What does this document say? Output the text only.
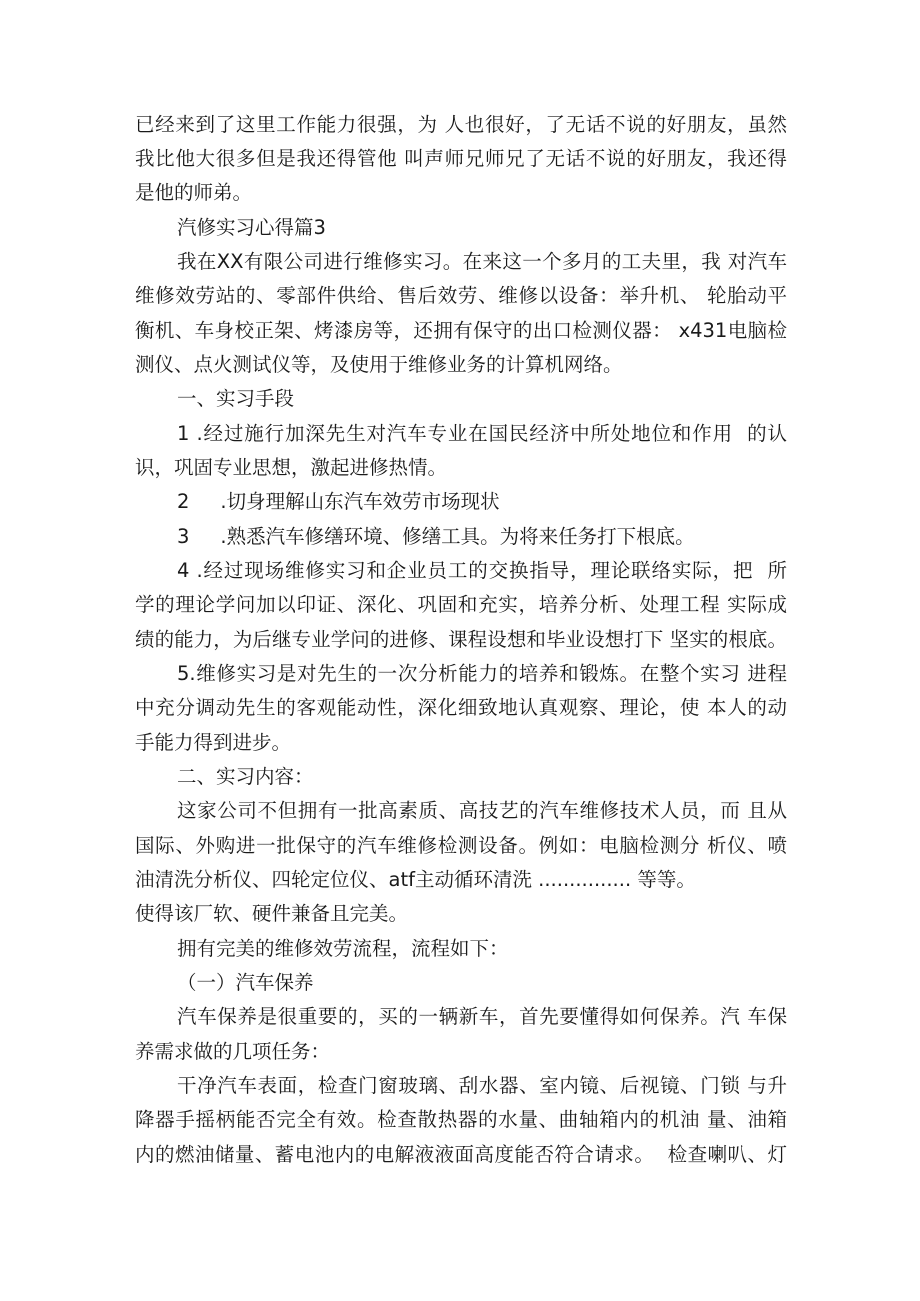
已经来到了这里工作能力很强，为 人也很好，了无话不说的好朋友，虽然
我比他大很多但是我还得管他 叫声师兄师兄了无话不说的好朋友，我还得
是他的师弟。
汽修实习心得篇3
我在XX有限公司进行维修实习。在来这一个多月的工夫里，我 对汽车
维修效劳站的、零部件供给、售后效劳、维修以设备：举升机、 轮胎动平
衡机、车身校正架、烤漆房等，还拥有保守的出口检测仪器： x431电脑检
测仪、点火测试仪等，及使用于维修业务的计算机网络。
一、实习手段
1 .经过施行加深先生对汽车专业在国民经济中所处地位和作用  的认
识，巩固专业思想，激起进修热情。
2     .切身理解山东汽车效劳市场现状
3     .熟悉汽车修缮环境、修缮工具。为将来任务打下根底。
4 .经过现场维修实习和企业员工的交换指导，理论联络实际，把  所
学的理论学问加以印证、深化、巩固和充实，培养分析、处理工程 实际成
绩的能力，为后继专业学问的进修、课程设想和毕业设想打下 坚实的根底。
5.维修实习是对先生的一次分析能力的培养和锻炼。在整个实习 进程
中充分调动先生的客观能动性，深化细致地认真观察、理论，使 本人的动
手能力得到进步。
二、实习内容：
这家公司不但拥有一批高素质、高技艺的汽车维修技术人员，而 且从
国际、外购进一批保守的汽车维修检测设备。例如：电脑检测分 析仪、喷
油清洗分析仪、四轮定位仪、atf主动循环清洗 ............... 等等。
使得该厂软、硬件兼备且完美。
拥有完美的维修效劳流程，流程如下：
（一）汽车保养
汽车保养是很重要的，买的一辆新车，首先要懂得如何保养。汽 车保
养需求做的几项任务：
干净汽车表面，检查门窗玻璃、刮水器、室内镜、后视镜、门锁 与升
降器手摇柄能否完全有效。检查散热器的水量、曲轴箱内的机油 量、油箱
内的燃油储量、蓄电池内的电解液液面高度能否符合请求。  检查喇叭、灯
